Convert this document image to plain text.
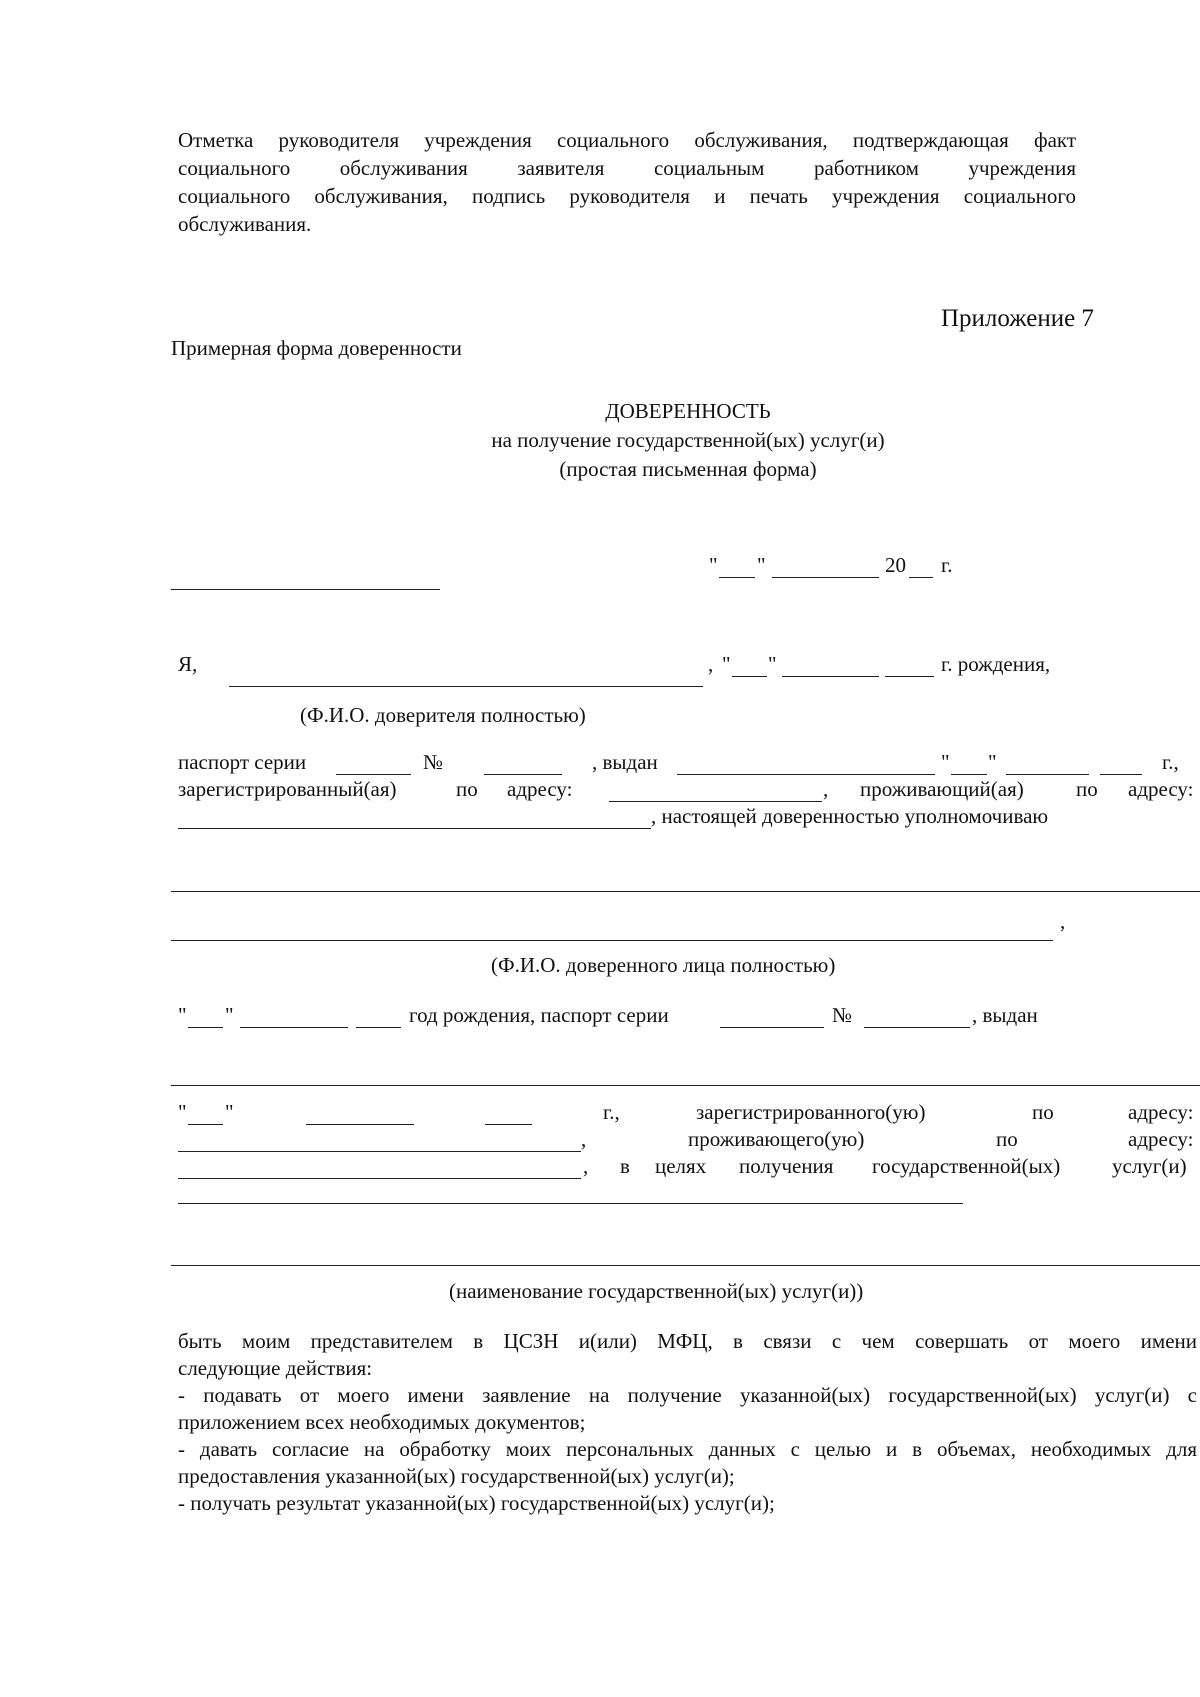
Отметка руководителя учреждения социального обслуживания, подтверждающая факт
социального обслуживания заявителя социальным работником учреждения
социального обслуживания, подпись руководителя и печать учреждения социального
обслуживания.
Приложение 7
Примерная форма доверенности
ДОВЕРЕННОСТЬ
на получение государственной(ых) услуг(и)
(простая письменная форма)
" "	20 г.
Я,	, " "	г. рождения,
(Ф.И.О. доверителя полностью)
паспорт серии	№	, выдан	" "	г.,
зарегистрированный(ая)	по адресу:	, проживающий(ая) по адресу:
, настоящей доверенностью уполномочиваю
,
(Ф.И.О. доверенного лица полностью)
" "	год рождения, паспорт серии	№	, выдан
" "	г.,	зарегистрированного(ую)	по	адресу:
,	проживающего(ую)	по	адресу:
, в целях получения государственной(ых) услуг(и)
(наименование государственной(ых) услуг(и))
быть моим представителем в ЦСЗН и(или) МФЦ, в связи с чем совершать от моего имени
следующие действия:
- подавать от моего имени заявление на получение указанной(ых) государственной(ых) услуг(и) с
приложением всех необходимых документов;
- давать согласие на обработку моих персональных данных с целью и в объемах, необходимых для
предоставления указанной(ых) государственной(ых) услуг(и);
- получать результат указанной(ых) государственной(ых) услуг(и);
